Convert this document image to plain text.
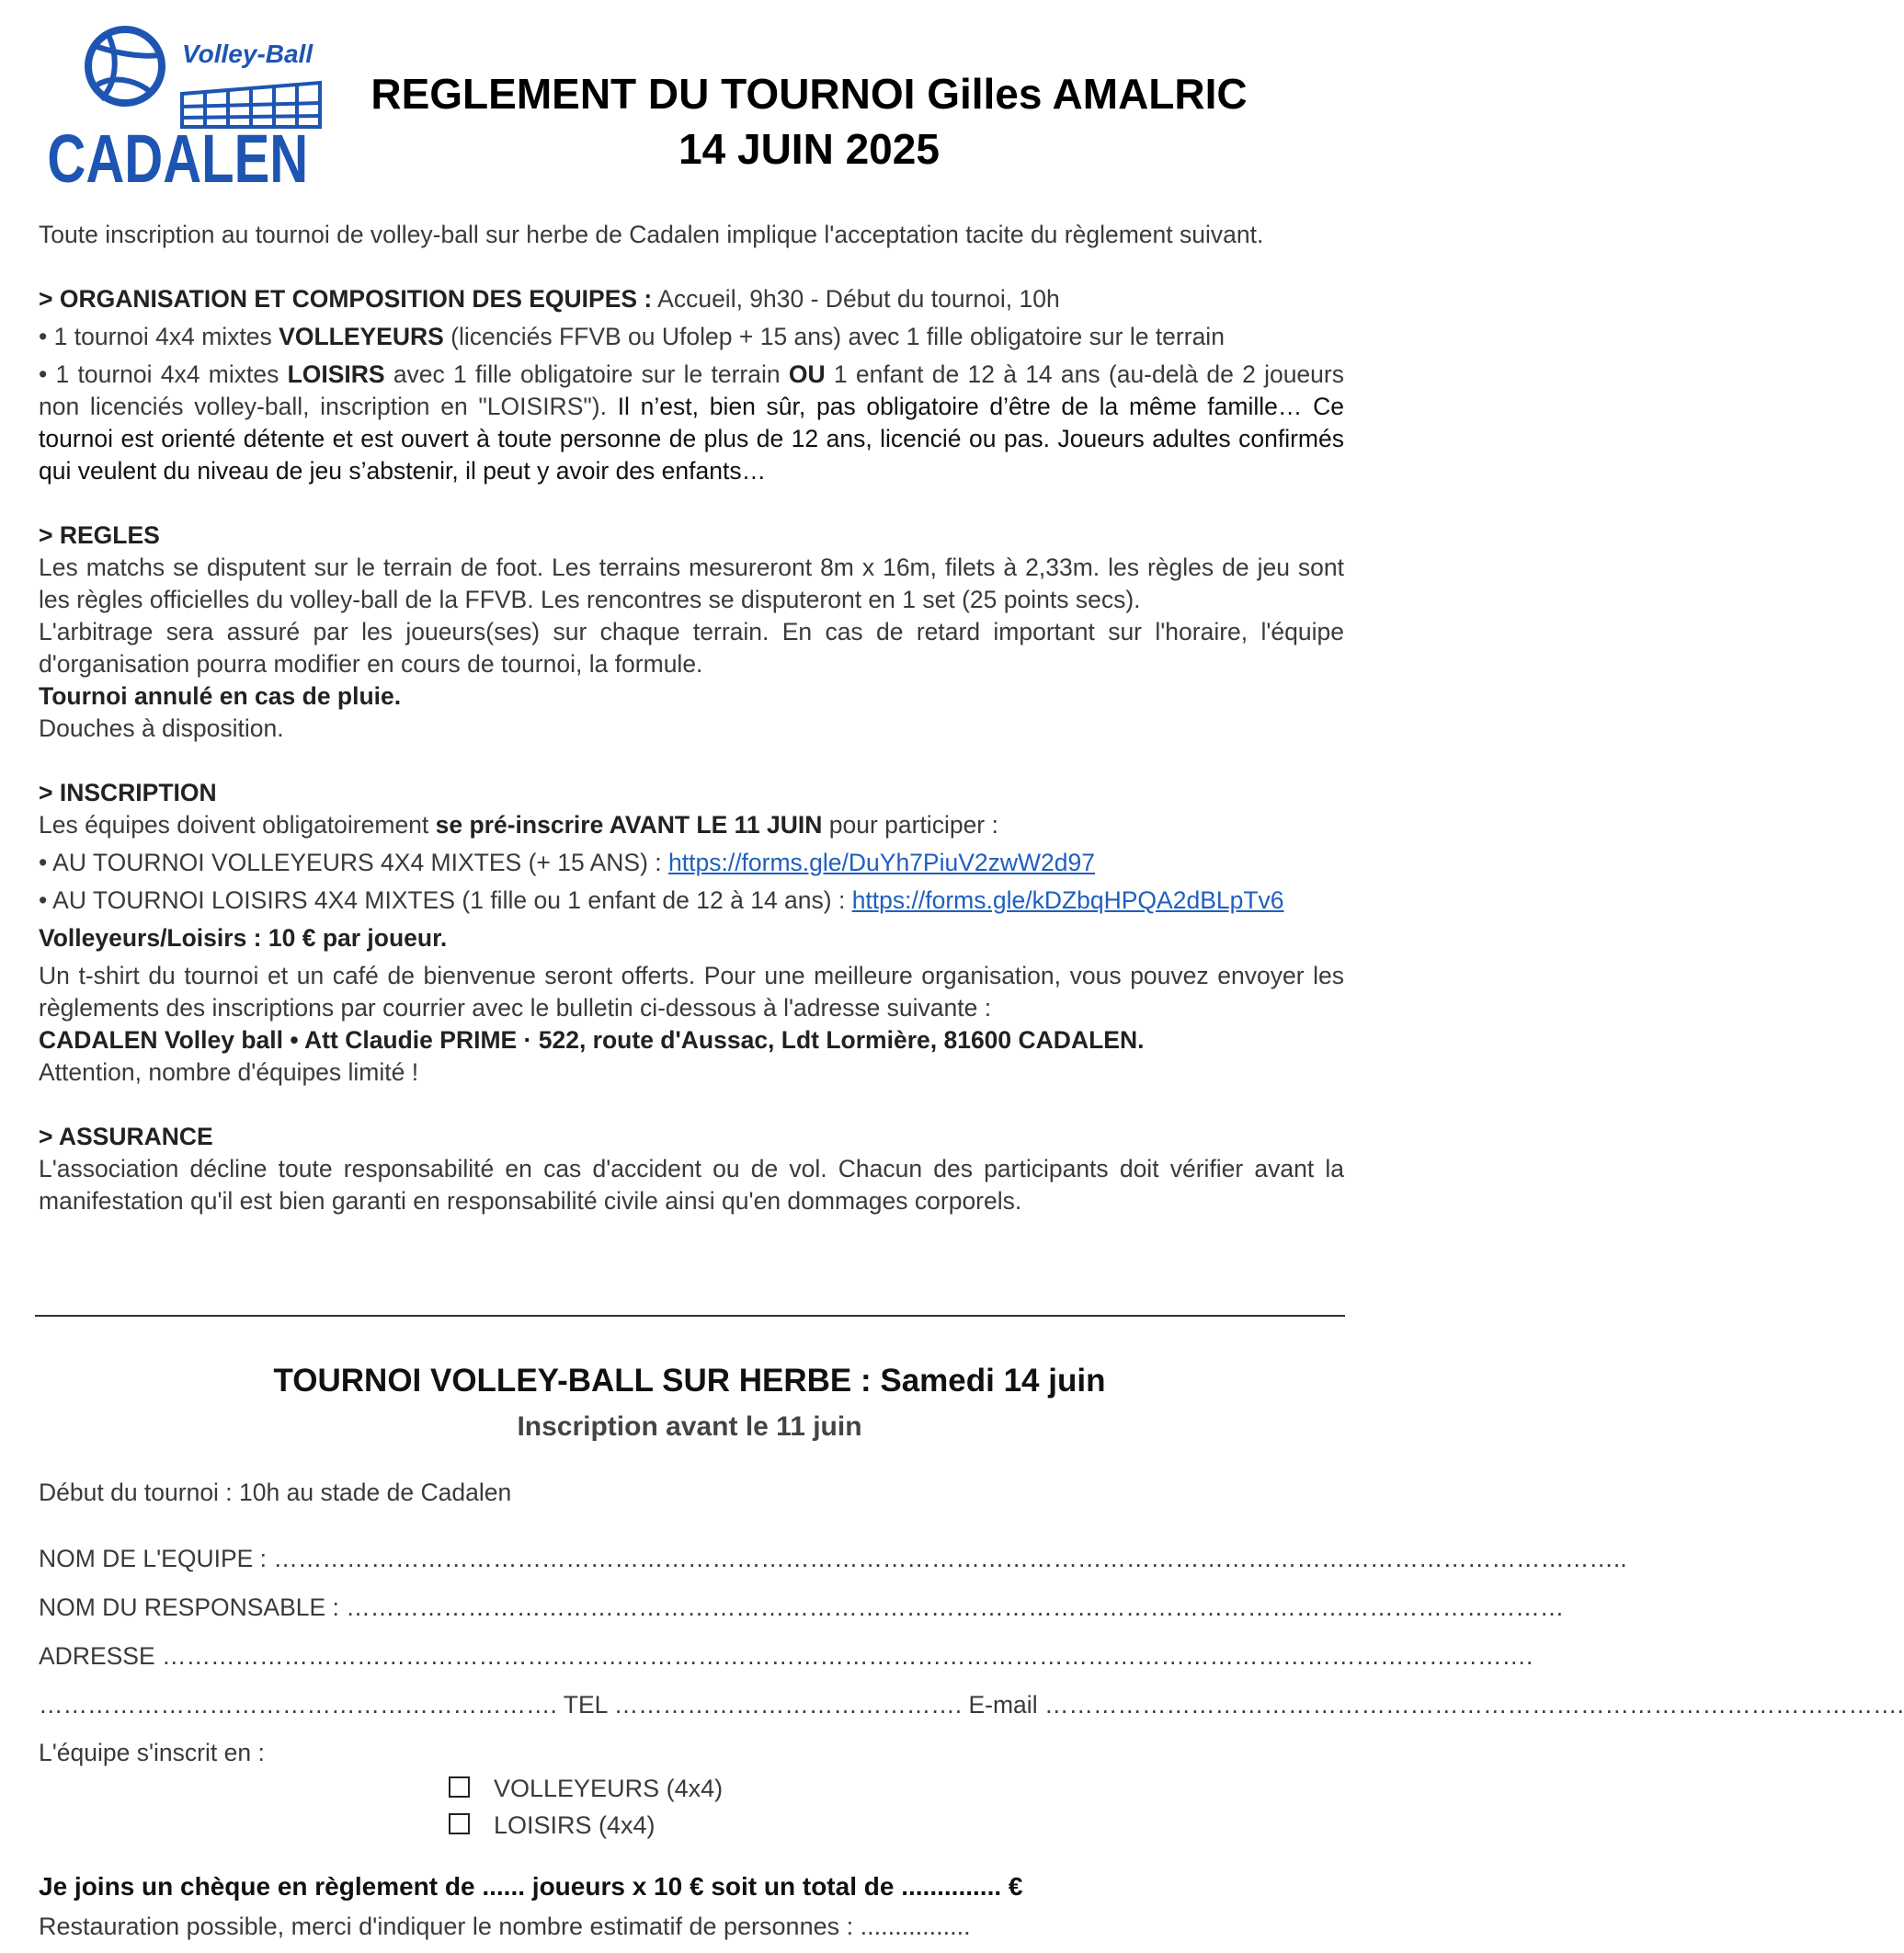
Volley-Ball
CADALEN
REGLEMENT DU TOURNOI Gilles AMALRIC
14 JUIN 2025

Toute inscription au tournoi de volley-ball sur herbe de Cadalen implique l'acceptation tacite du règlement suivant.

> ORGANISATION ET COMPOSITION DES EQUIPES : Accueil, 9h30 - Début du tournoi, 10h

• 1 tournoi 4x4 mixtes VOLLEYEURS (licenciés FFVB ou Ufolep + 15 ans) avec 1 fille obligatoire sur le terrain

• 1 tournoi 4x4 mixtes LOISIRS avec 1 fille obligatoire sur le terrain OU 1 enfant de 12 à 14 ans (au-delà de 2 joueurs non licenciés volley-ball, inscription en "LOISIRS"). Il n’est, bien sûr, pas obligatoire d’être de la même famille… Ce tournoi est orienté détente et est ouvert à toute personne de plus de 12 ans, licencié ou pas. Joueurs adultes confirmés qui veulent du niveau de jeu s’abstenir, il peut y avoir des enfants…

> REGLES

Les matchs se disputent sur le terrain de foot. Les terrains mesureront 8m x 16m, filets à 2,33m. les règles de jeu sont les règles officielles du volley-ball de la FFVB. Les rencontres se disputeront en 1 set (25 points secs).

L'arbitrage sera assuré par les joueurs(ses) sur chaque terrain. En cas de retard important sur l'horaire, l'équipe d'organisation pourra modifier en cours de tournoi, la formule.

Tournoi annulé en cas de pluie.

Douches à disposition.

> INSCRIPTION

Les équipes doivent obligatoirement se pré-inscrire AVANT LE 11 JUIN pour participer :

• AU TOURNOI VOLLEYEURS 4X4 MIXTES (+ 15 ANS) : https://forms.gle/DuYh7PiuV2zwW2d97

• AU TOURNOI LOISIRS 4X4 MIXTES (1 fille ou 1 enfant de 12 à 14 ans) : https://forms.gle/kDZbqHPQA2dBLpTv6

Volleyeurs/Loisirs : 10 € par joueur.

Un t-shirt du tournoi et un café de bienvenue seront offerts. Pour une meilleure organisation, vous pouvez envoyer les règlements des inscriptions par courrier avec le bulletin ci-dessous à l'adresse suivante :

CADALEN Volley ball • Att Claudie PRIME · 522, route d'Aussac, Ldt Lormière, 81600 CADALEN.

Attention, nombre d'équipes limité !

> ASSURANCE

L'association décline toute responsabilité en cas d'accident ou de vol. Chacun des participants doit vérifier avant la manifestation qu'il est bien garanti en responsabilité civile ainsi qu'en dommages corporels.

TOURNOI VOLLEY-BALL SUR HERBE : Samedi 14 juin
Inscription avant le 11 juin
Début du tournoi : 10h au stade de Cadalen
NOM DE L'EQUIPE : …………………………………………………………………………………………………………………………………………………..
NOM DU RESPONSABLE : ……………………………………………………………………………………………………………………………………
ADRESSE …………………………………………………………………………………………………………………………………………………….
………………………………………………………. TEL ……………………………………. E-mail …………………………………………………………………………………………….
L'équipe s'inscrit en :
VOLLEYEURS (4x4)
LOISIRS (4x4)
Je joins un chèque en règlement de ...... joueurs x 10 € soit un total de .............. €
Restauration possible, merci d'indiquer le nombre estimatif de personnes : ................
